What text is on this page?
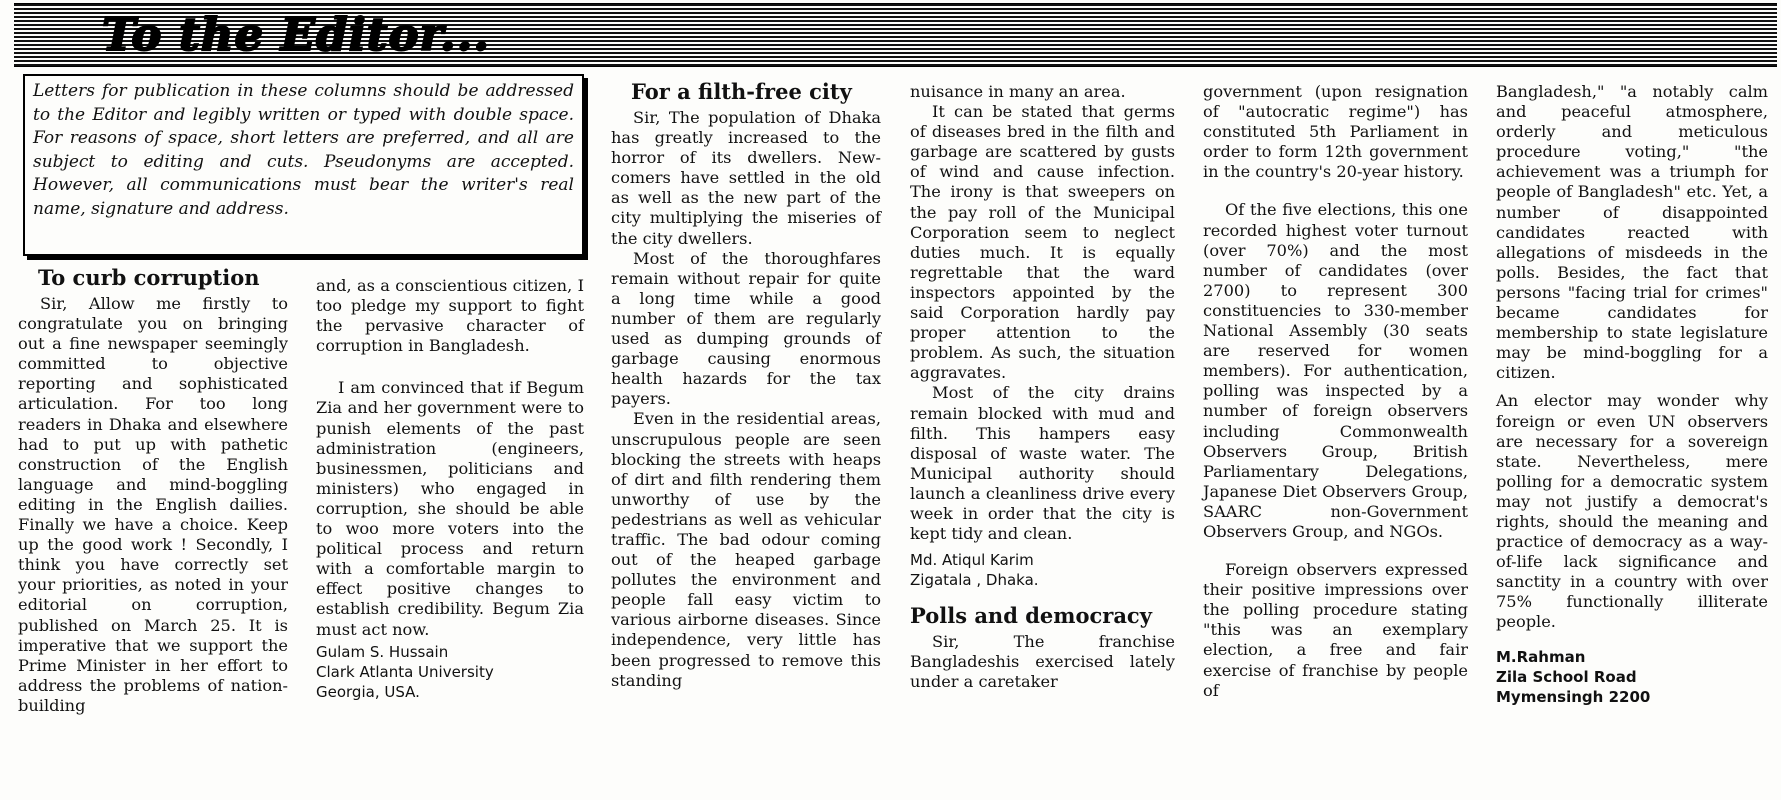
To the Editor...
Letters for publication in these columns should be addressed to the Editor and legibly written or typed with double space. For reasons of space, short letters are preferred, and all are subject to editing and cuts. Pseudonyms are accepted. However, all communications must bear the writer's real name, signature and address.
To curb corruption

Sir, Allow me firstly to congratulate you on bringing out a fine newspaper seemingly committed to objective reporting and sophisticated articulation. For too long readers in Dhaka and elsewhere had to put up with pathetic construction of the English language and mind-boggling editing in the English dailies. Finally we have a choice. Keep up the good work ! Secondly, I think you have correctly set your priorities, as noted in your editorial on corruption, published on March 25. It is imperative that we support the Prime Minister in her effort to address the problems of nation-building

and, as a conscientious citizen, I too pledge my support to fight the pervasive character of corruption in Bangladesh.

I am convinced that if Begum Zia and her government were to punish elements of the past administration (engineers, businessmen, politicians and ministers) who engaged in corruption, she should be able to woo more voters into the political process and return with a comfortable margin to effect positive changes to establish credibility. Begum Zia must act now.

Gulam S. Hussain

Clark Atlanta University

Georgia, USA.

For a filth-free city

Sir, The population of Dhaka has greatly increased to the horror of its dwellers. New-comers have settled in the old as well as the new part of the city multiplying the miseries of the city dwellers.

Most of the thoroughfares remain without repair for quite a long time while a good number of them are regularly used as dumping grounds of garbage causing enormous health hazards for the tax payers.

Even in the residential areas, unscrupulous people are seen blocking the streets with heaps of dirt and filth rendering them unworthy of use by the pedestrians as well as vehicular traffic. The bad odour coming out of the heaped garbage pollutes the environment and people fall easy victim to various airborne diseases. Since independence, very little has been progressed to remove this standing

nuisance in many an area.

It can be stated that germs of diseases bred in the filth and garbage are scattered by gusts of wind and cause infection. The irony is that sweepers on the pay roll of the Municipal Corporation seem to neglect duties much. It is equally regrettable that the ward inspectors appointed by the said Corporation hardly pay proper attention to the problem. As such, the situation aggravates.

Most of the city drains remain blocked with mud and filth. This hampers easy disposal of waste water. The Municipal authority should launch a cleanliness drive every week in order that the city is kept tidy and clean.

Md. Atiqul Karim

Zigatala , Dhaka.

Polls and democracy

Sir, The franchise Bangladeshis exercised lately under a caretaker

government (upon resignation of "autocratic regime") has constituted 5th Parliament in order to form 12th government in the country's 20-year history.

Of the five elections, this one recorded highest voter turnout (over 70%) and the most number of candidates (over 2700) to represent 300 constituencies to 330-member National Assembly (30 seats are reserved for women members). For authentication, polling was inspected by a number of foreign observers including Commonwealth Observers Group, British Parliamentary Delegations, Japanese Diet Observers Group, SAARC non-Government Observers Group, and NGOs.

Foreign observers expressed their positive impressions over the polling procedure stating "this was an exemplary election, a free and fair exercise of franchise by people of

Bangladesh," "a notably calm and peaceful atmosphere, orderly and meticulous procedure voting," "the achievement was a triumph for people of Bangladesh" etc. Yet, a number of disappointed candidates reacted with allegations of misdeeds in the polls. Besides, the fact that persons "facing trial for crimes" became candidates for membership to state legislature may be mind-boggling for a citizen.

An elector may wonder why foreign or even UN observers are necessary for a sovereign state. Nevertheless, mere polling for a democratic system may not justify a democrat's rights, should the meaning and practice of democracy as a way-of-life lack significance and sanctity in a country with over 75% functionally illiterate people.

M.Rahman

Zila School Road

Mymensingh 2200
